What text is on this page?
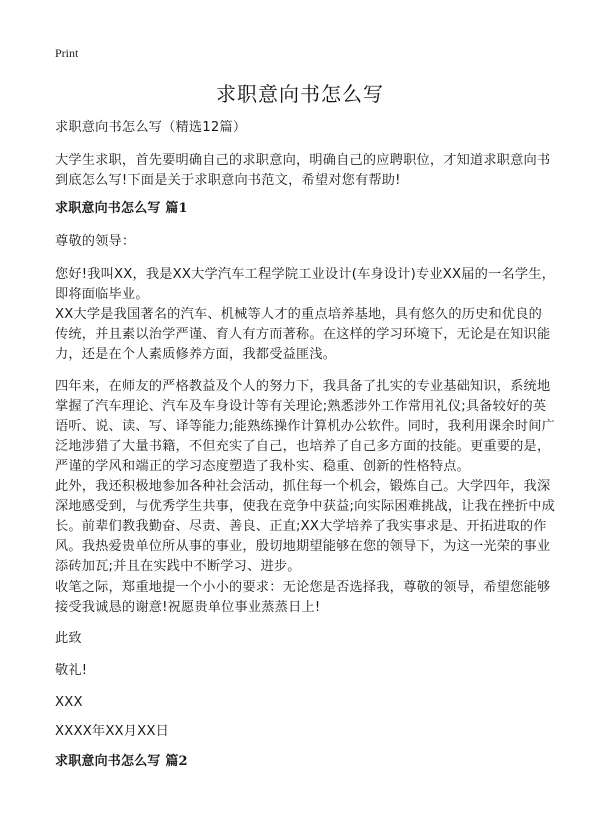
Print
求职意向书怎么写
求职意向书怎么写（精选12篇）
大学生求职，首先要明确自己的求职意向，明确自己的应聘职位，才知道求职意向书到底怎么写!下面是关于求职意向书范文，希望对您有帮助!
求职意向书怎么写 篇1
尊敬的领导：
您好!我叫XX，我是XX大学汽车工程学院工业设计(车身设计)专业XX届的一名学生，即将面临毕业。
XX大学是我国著名的汽车、机械等人才的重点培养基地，具有悠久的历史和优良的传统，并且素以治学严谨、育人有方而著称。在这样的学习环境下，无论是在知识能力，还是在个人素质修养方面，我都受益匪浅。
四年来，在师友的严格教益及个人的努力下，我具备了扎实的专业基础知识，系统地掌握了汽车理论、汽车及车身设计等有关理论;熟悉涉外工作常用礼仪;具备较好的英语听、说、读、写、译等能力;能熟练操作计算机办公软件。同时，我利用课余时间广泛地涉猎了大量书籍，不但充实了自己，也培养了自己多方面的技能。更重要的是，严谨的学风和端正的学习态度塑造了我朴实、稳重、创新的性格特点。
此外，我还积极地参加各种社会活动，抓住每一个机会，锻炼自己。大学四年，我深深地感受到，与优秀学生共事，使我在竞争中获益;向实际困难挑战，让我在挫折中成长。前辈们教我勤奋、尽责、善良、正直;XX大学培养了我实事求是、开拓进取的作风。我热爱贵单位所从事的事业，殷切地期望能够在您的领导下，为这一光荣的事业添砖加瓦;并且在实践中不断学习、进步。
收笔之际，郑重地提一个小小的要求：无论您是否选择我，尊敬的领导，希望您能够接受我诚恳的谢意!祝愿贵单位事业蒸蒸日上!
此致
敬礼!
XXX
XXXX年XX月XX日
求职意向书怎么写 篇2
